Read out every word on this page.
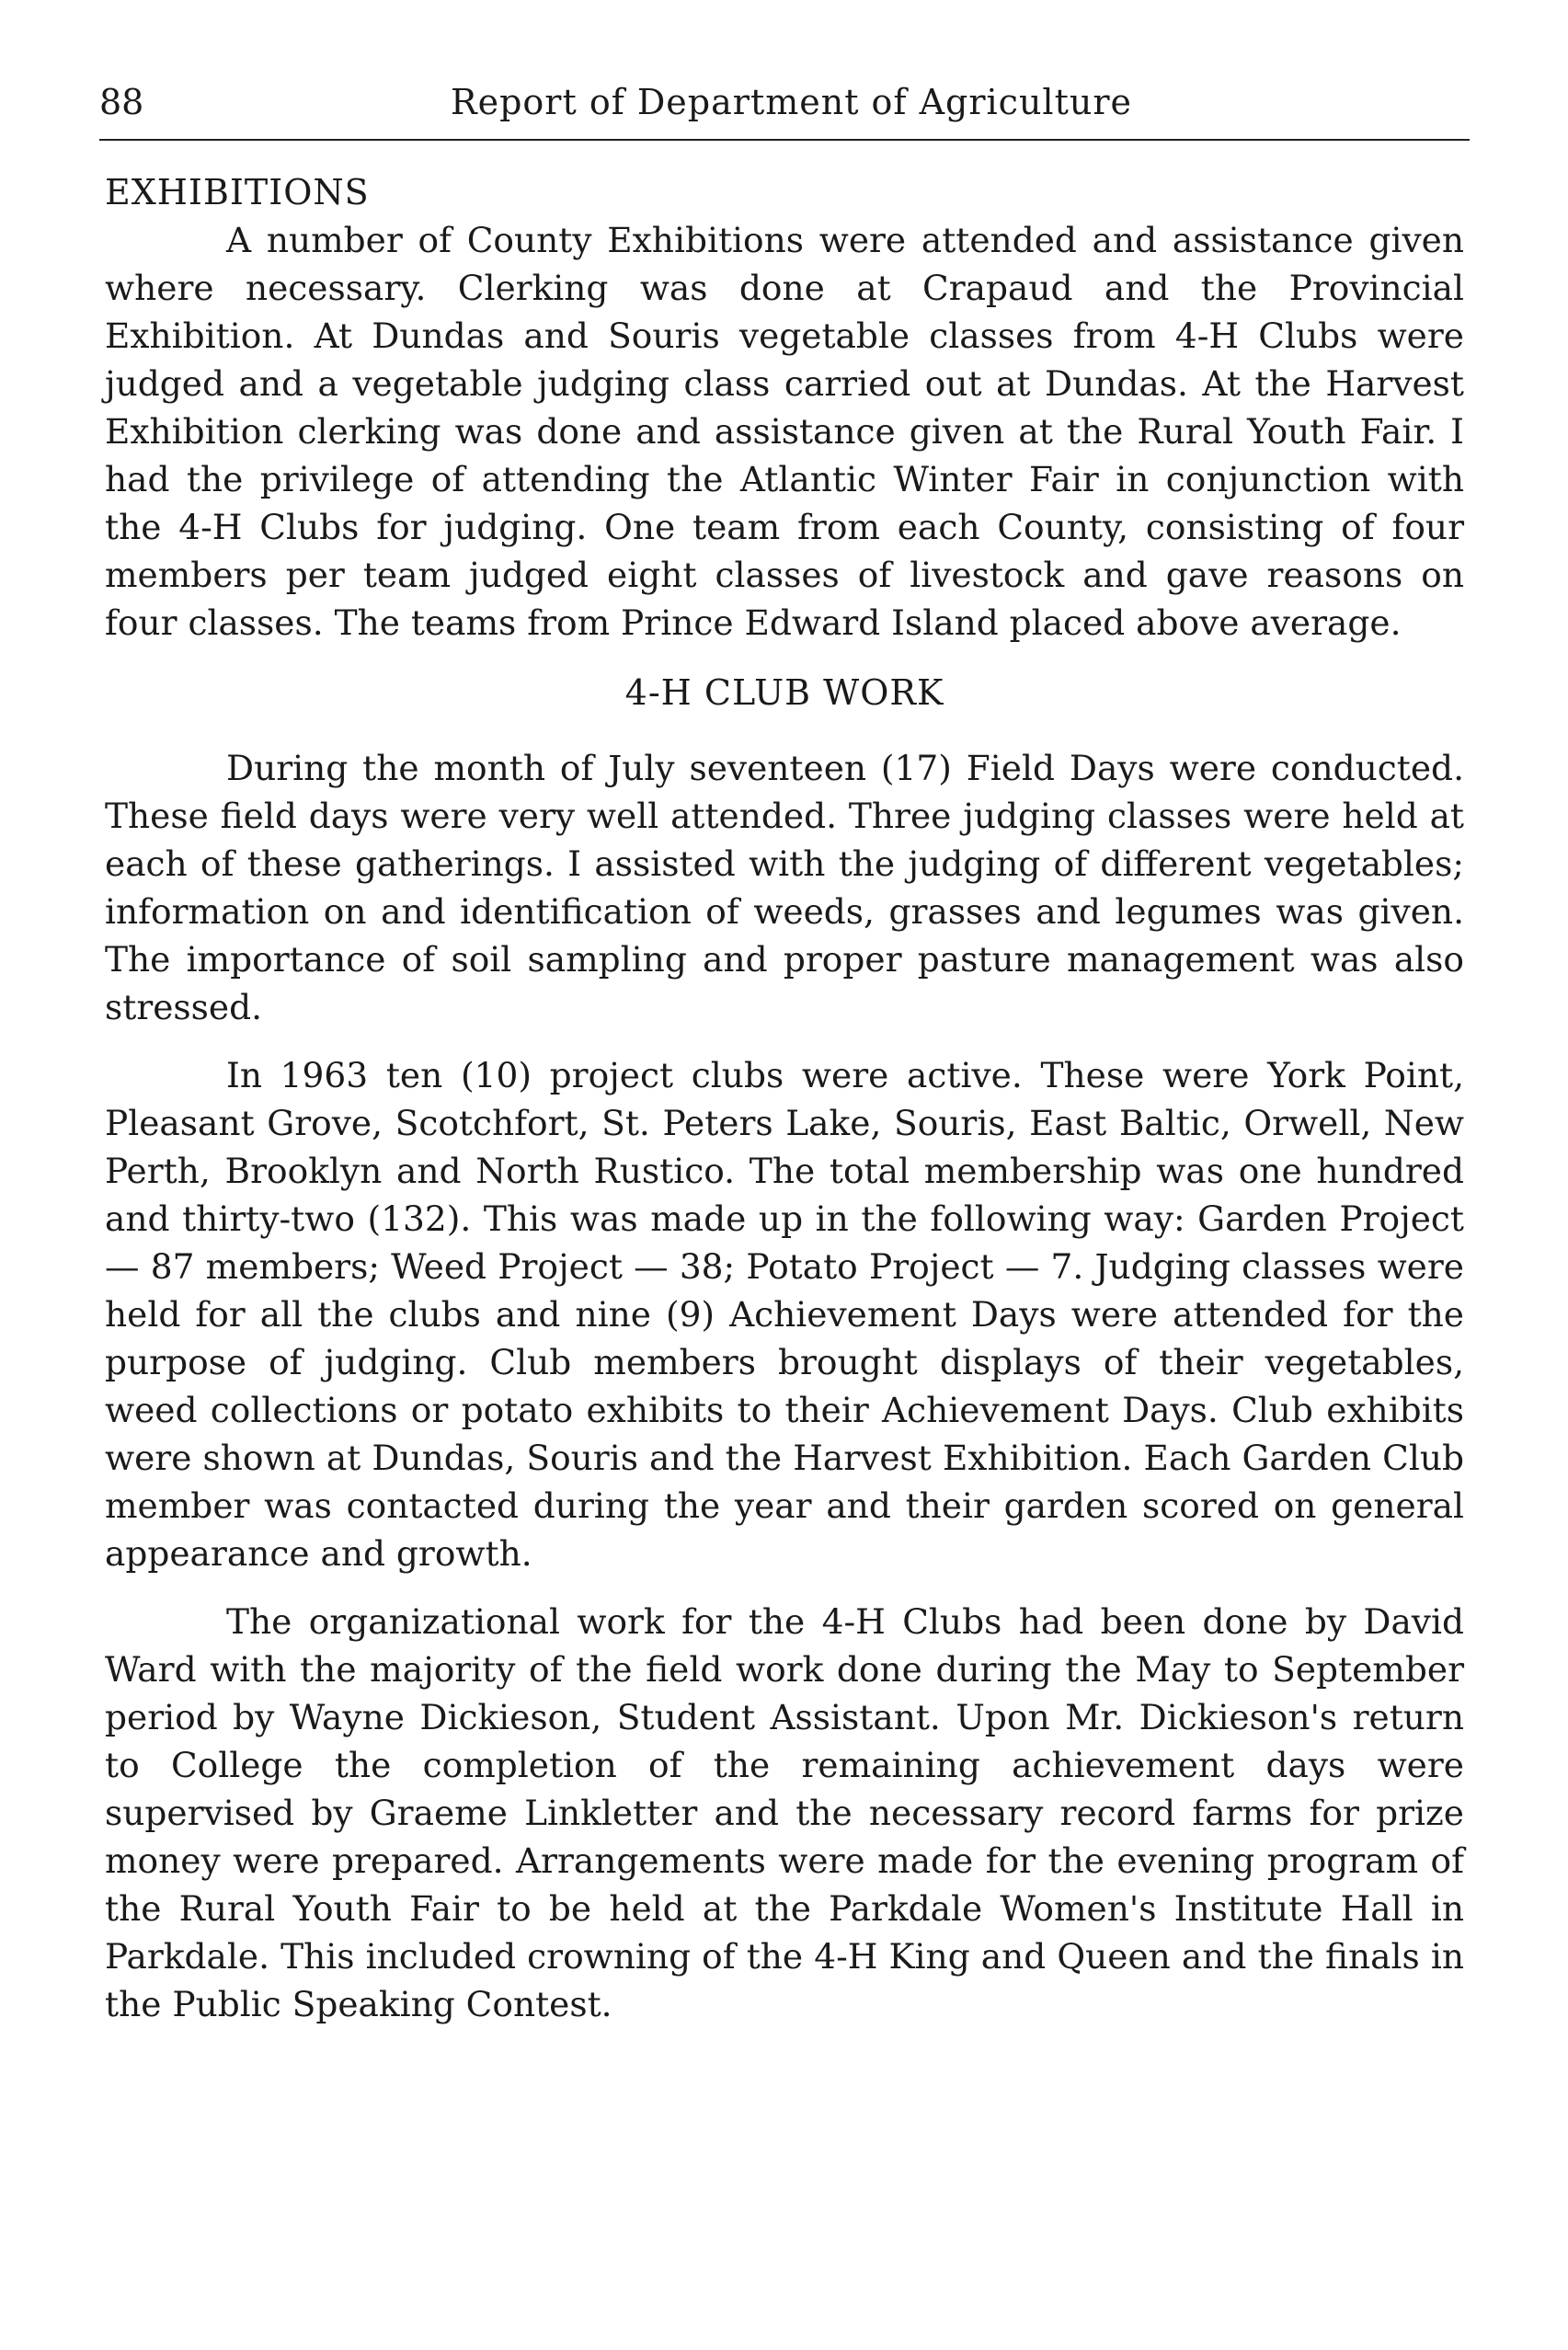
88	Report of Department of Agriculture
EXHIBITIONS

A number of County Exhibitions were attended and assistance given where necessary. Clerking was done at Crapaud and the Provincial Exhibition. At Dundas and Souris vegetable classes from 4-H Clubs were judged and a vegetable judging class carried out at Dundas. At the Harvest Exhibition clerking was done and assistance given at the Rural Youth Fair. I had the privilege of attending the Atlantic Winter Fair in conjunction with the 4-H Clubs for judging. One team from each County, consisting of four members per team judged eight classes of livestock and gave reasons on four classes. The teams from Prince Edward Island placed above average.

4-H CLUB WORK

During the month of July seventeen (17) Field Days were conducted. These field days were very well attended. Three judging classes were held at each of these gatherings. I assisted with the judging of different vegetables; information on and identification of weeds, grasses and legumes was given. The importance of soil sampling and proper pasture management was also stressed.

In 1963 ten (10) project clubs were active. These were York Point, Pleasant Grove, Scotchfort, St. Peters Lake, Souris, East Baltic, Orwell, New Perth, Brooklyn and North Rustico. The total membership was one hundred and thirty-two (132). This was made up in the following way: Garden Project — 87 members; Weed Project — 38; Potato Project — 7. Judging classes were held for all the clubs and nine (9) Achievement Days were attended for the purpose of judging. Club members brought displays of their vegetables, weed collections or potato exhibits to their Achievement Days. Club exhibits were shown at Dundas, Souris and the Harvest Exhibition. Each Garden Club member was contacted during the year and their garden scored on general appearance and growth.

The organizational work for the 4-H Clubs had been done by David Ward with the majority of the field work done during the May to September period by Wayne Dickieson, Student Assistant. Upon Mr. Dickieson's return to College the completion of the remaining achievement days were supervised by Graeme Linkletter and the necessary record farms for prize money were prepared. Arrangements were made for the evening program of the Rural Youth Fair to be held at the Parkdale Women's Institute Hall in Parkdale. This included crowning of the 4-H King and Queen and the finals in the Public Speaking Contest.
